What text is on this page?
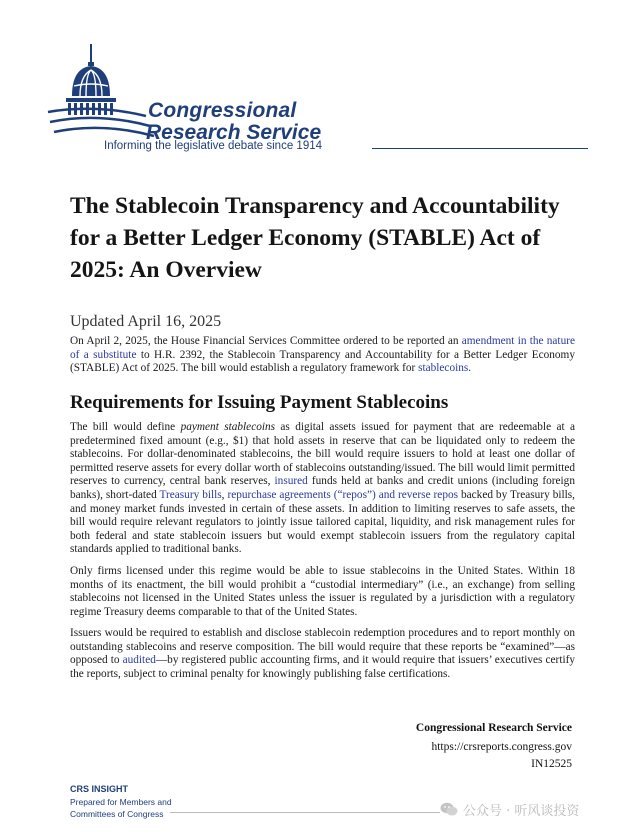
Congressional
Research Service
Informing the legislative debate since 1914
The Stablecoin Transparency and Accountability for a Better Ledger Economy (STABLE) Act of 2025: An Overview
Updated April 16, 2025

On April 2, 2025, the House Financial Services Committee ordered to be reported an amendment in the nature of a substitute to H.R. 2392, the Stablecoin Transparency and Accountability for a Better Ledger Economy (STABLE) Act of 2025. The bill would establish a regulatory framework for stablecoins.

Requirements for Issuing Payment Stablecoins

The bill would define payment stablecoins as digital assets issued for payment that are redeemable at a predetermined fixed amount (e.g., $1) that hold assets in reserve that can be liquidated only to redeem the stablecoins. For dollar-denominated stablecoins, the bill would require issuers to hold at least one dollar of permitted reserve assets for every dollar worth of stablecoins outstanding/issued. The bill would limit permitted reserves to currency, central bank reserves, insured funds held at banks and credit unions (including foreign banks), short-dated Treasury bills, repurchase agreements (“repos”) and reverse repos backed by Treasury bills, and money market funds invested in certain of these assets. In addition to limiting reserves to safe assets, the bill would require relevant regulators to jointly issue tailored capital, liquidity, and risk management rules for both federal and state stablecoin issuers but would exempt stablecoin issuers from the regulatory capital standards applied to traditional banks.

Only firms licensed under this regime would be able to issue stablecoins in the United States. Within 18 months of its enactment, the bill would prohibit a “custodial intermediary” (i.e., an exchange) from selling stablecoins not licensed in the United States unless the issuer is regulated by a jurisdiction with a regulatory regime Treasury deems comparable to that of the United States.

Issuers would be required to establish and disclose stablecoin redemption procedures and to report monthly on outstanding stablecoins and reserve composition. The bill would require that these reports be “examined”—as opposed to audited—by registered public accounting firms, and it would require that issuers’ executives certify the reports, subject to criminal penalty for knowingly publishing false certifications.

Congressional Research Service
https://crsreports.congress.gov
IN12525
CRS INSIGHT
Prepared for Members and
Committees of Congress	公众号 · 听风谈投资
